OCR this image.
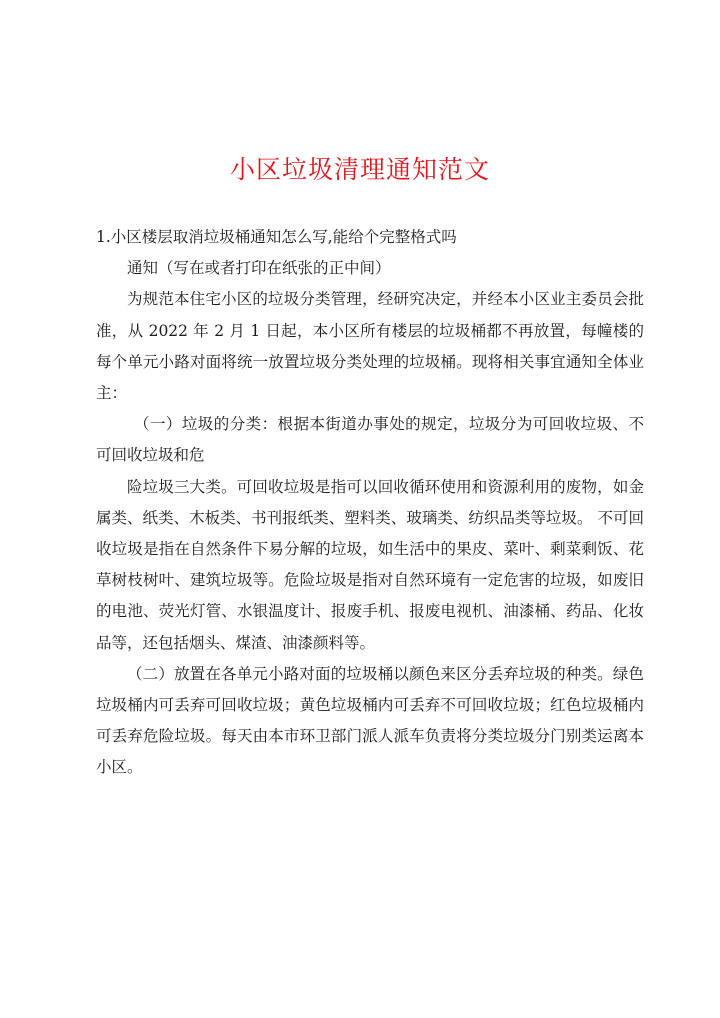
小区垃圾清理通知范文

1.小区楼层取消垃圾桶通知怎么写,能给个完整格式吗

通知（写在或者打印在纸张的正中间）

为规范本住宅小区的垃圾分类管理，经研究决定，并经本小区业主委员会批准，从 2022 年 2 月 1 日起，本小区所有楼层的垃圾桶都不再放置，每幢楼的每个单元小路对面将统一放置垃圾分类处理的垃圾桶。现将相关事宜通知全体业主：

（一）垃圾的分类：根据本街道办事处的规定，垃圾分为可回收垃圾、不可回收垃圾和危

险垃圾三大类。可回收垃圾是指可以回收循环使用和资源利用的废物，如金属类、纸类、木板类、书刊报纸类、塑料类、玻璃类、纺织品类等垃圾。 不可回收垃圾是指在自然条件下易分解的垃圾，如生活中的果皮、菜叶、剩菜剩饭、花草树枝树叶、建筑垃圾等。危险垃圾是指对自然环境有一定危害的垃圾，如废旧的电池、荧光灯管、水银温度计、报废手机、报废电视机、油漆桶、药品、化妆品等，还包括烟头、煤渣、油漆颜料等。

（二）放置在各单元小路对面的垃圾桶以颜色来区分丢弃垃圾的种类。绿色垃圾桶内可丢弃可回收垃圾；黄色垃圾桶内可丢弃不可回收垃圾；红色垃圾桶内可丢弃危险垃圾。每天由本市环卫部门派人派车负责将分类垃圾分门别类运离本小区。
